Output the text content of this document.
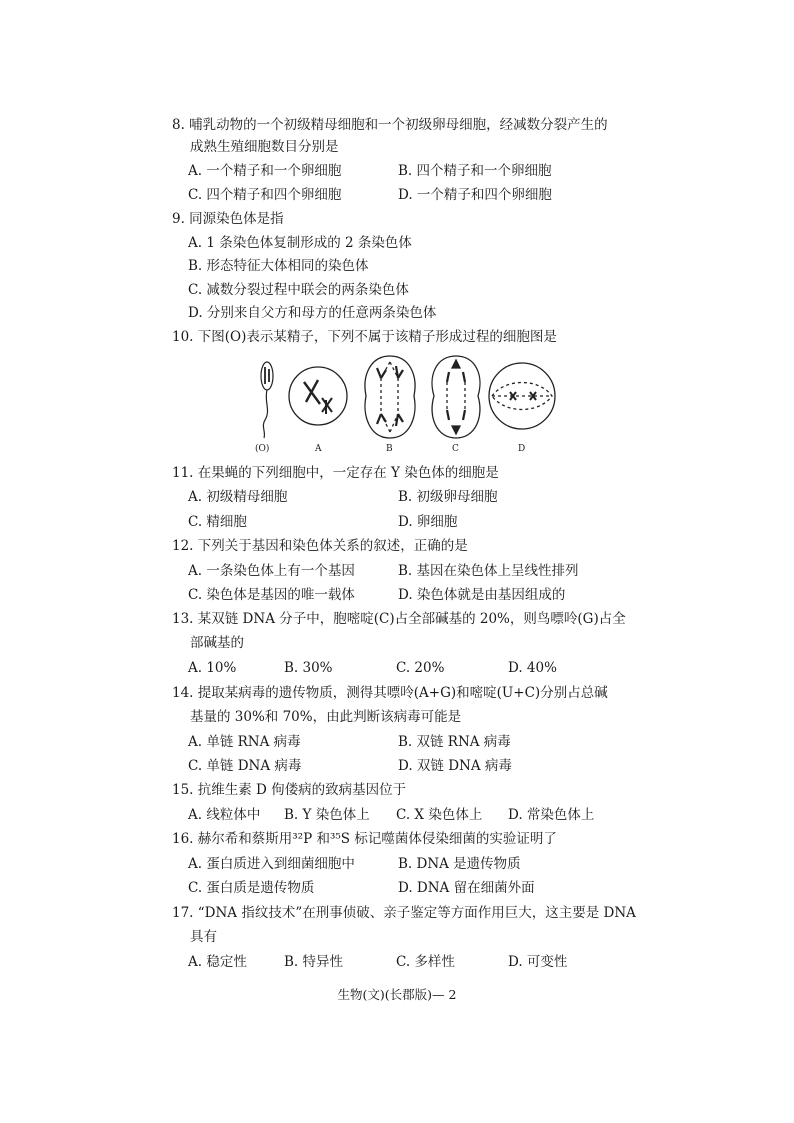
8. 哺乳动物的一个初级精母细胞和一个初级卵母细胞，经减数分裂产生的
成熟生殖细胞数目分别是
A. 一个精子和一个卵细胞	B. 四个精子和一个卵细胞
C. 四个精子和四个卵细胞	D. 一个精子和四个卵细胞
9. 同源染色体是指
A. 1 条染色体复制形成的 2 条染色体
B. 形态特征大体相同的染色体
C. 减数分裂过程中联会的两条染色体
D. 分别来自父方和母方的任意两条染色体
10. 下图(O)表示某精子，下列不属于该精子形成过程的细胞图是
(O)	A	B	C	D
11. 在果蝇的下列细胞中，一定存在 Y 染色体的细胞是
A. 初级精母细胞	B. 初级卵母细胞
C. 精细胞	D. 卵细胞
12. 下列关于基因和染色体关系的叙述，正确的是
A. 一条染色体上有一个基因	B. 基因在染色体上呈线性排列
C. 染色体是基因的唯一载体	D. 染色体就是由基因组成的
13. 某双链 DNA 分子中，胞嘧啶(C)占全部碱基的 20%，则鸟嘌呤(G)占全
部碱基的
A. 10%	B. 30%	C. 20%	D. 40%
14. 提取某病毒的遗传物质，测得其嘌呤(A+G)和嘧啶(U+C)分别占总碱
基量的 30%和 70%，由此判断该病毒可能是
A. 单链 RNA 病毒	B. 双链 RNA 病毒
C. 单链 DNA 病毒	D. 双链 DNA 病毒
15. 抗维生素 D 佝偻病的致病基因位于
A. 线粒体中 B. Y 染色体上 C. X 染色体上 D. 常染色体上
16. 赫尔希和蔡斯用³²P 和³⁵S 标记噬菌体侵染细菌的实验证明了
A. 蛋白质进入到细菌细胞中	B. DNA 是遗传物质
C. 蛋白质是遗传物质	D. DNA 留在细菌外面
17. “DNA 指纹技术”在刑事侦破、亲子鉴定等方面作用巨大，这主要是 DNA
具有
A. 稳定性	B. 特异性	C. 多样性	D. 可变性
生物(文)(长郡版)— 2
